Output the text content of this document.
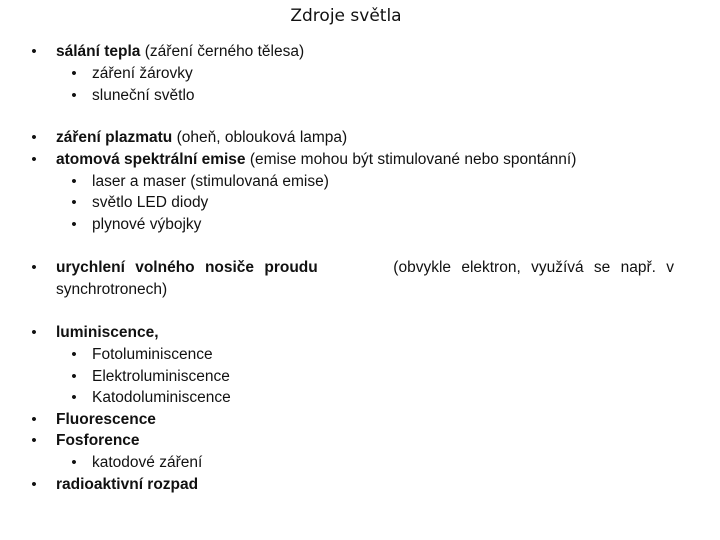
Zdroje světla
• sálání tepla (záření černého tělesa)
• záření žárovky
• sluneční světlo
• záření plazmatu (oheň, oblouková lampa)
• atomová spektrální emise (emise mohou být stimulované nebo spontánní)
• laser a maser (stimulovaná emise)
• světlo LED diody
• plynové výbojky
• urychlení volného nosiče proudu	(obvykle elektron, využívá se např. v
synchrotronech)
• luminiscence,
• Fotoluminiscence
• Elektroluminiscence
• Katodoluminiscence
• Fluorescence
• Fosforence
• katodové záření
• radioaktivní rozpad
